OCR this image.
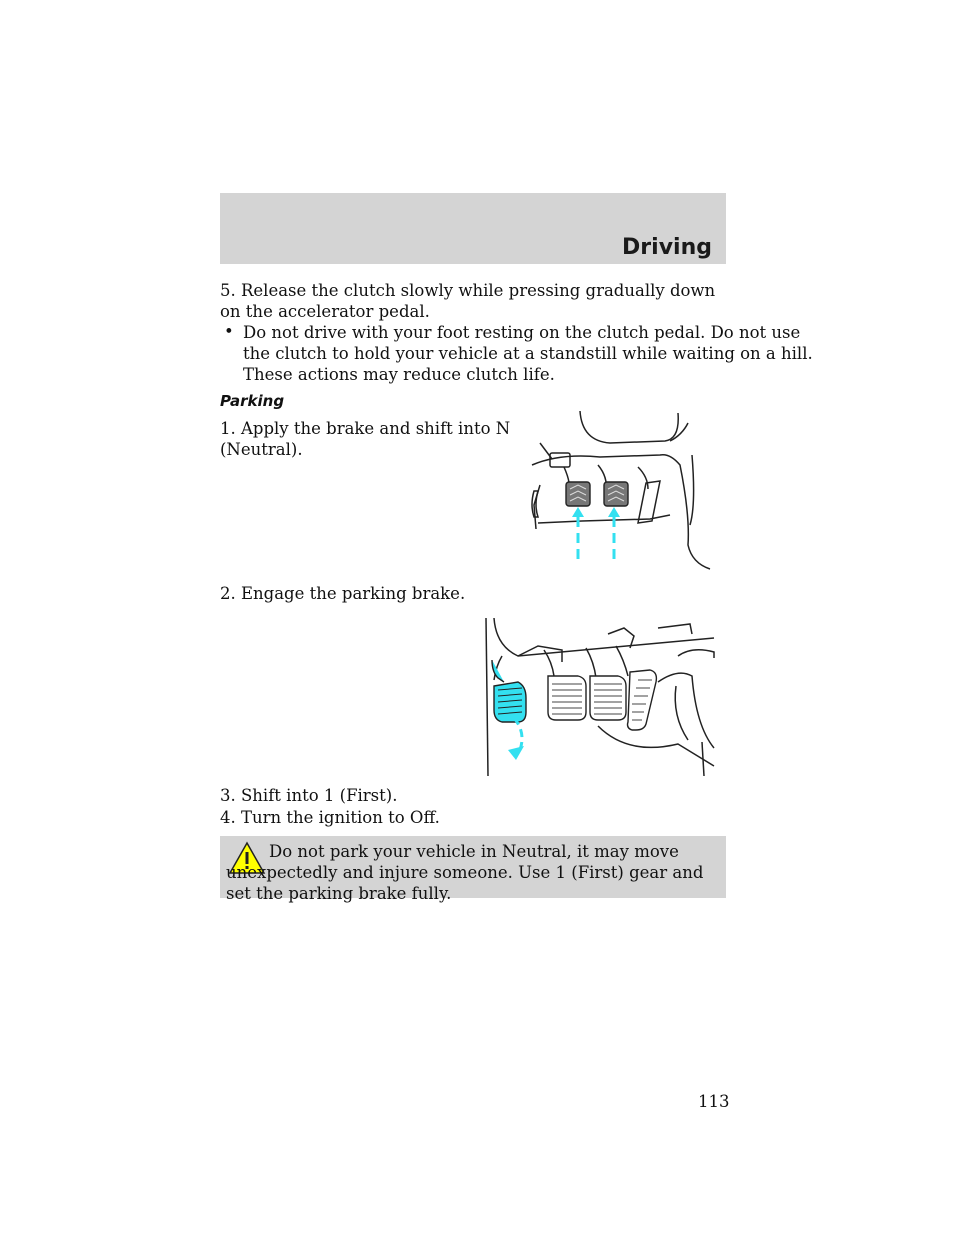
Driving
5. Release the clutch slowly while pressing gradually down on the accelerator pedal.
• Do not drive with your foot resting on the clutch pedal. Do not use
the clutch to hold your vehicle at a standstill while waiting on a hill.
These actions may reduce clutch life.
Parking
1. Apply the brake and shift into N
(Neutral).
2. Engage the parking brake.
3. Shift into 1 (First).
4. Turn the ignition to Off.
Do not park your vehicle in Neutral, it may move unexpectedly and injure someone. Use 1 (First) gear and set the parking brake fully.
113
